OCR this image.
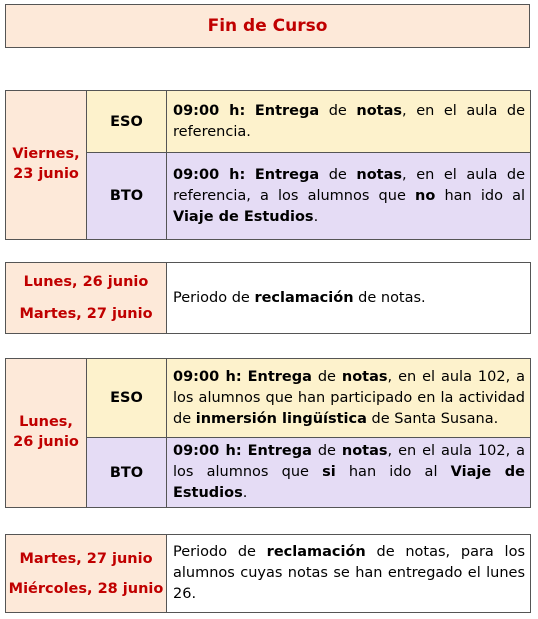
Fin de Curso
Viernes,
23 junio	ESO	09:00 h: Entrega de notas, en el aula de referencia.
	BTO	09:00 h: Entrega de notas, en el aula de referencia, a los alumnos que no han ido al Viaje de Estudios.
Lunes, 26 junio
Martes, 27 junio
	Periodo de reclamación de notas.
Lunes,
26 junio	ESO	09:00 h: Entrega de notas, en el aula 102, a los alumnos que han participado en la actividad de inmersión lingüística de Santa Susana.
	BTO	09:00 h: Entrega de notas, en el aula 102, a los alumnos que si han ido al Viaje de Estudios.
Martes, 27 junio
Miércoles, 28 junio
	Periodo de reclamación de notas, para los alumnos cuyas notas se han entregado el lunes 26.
